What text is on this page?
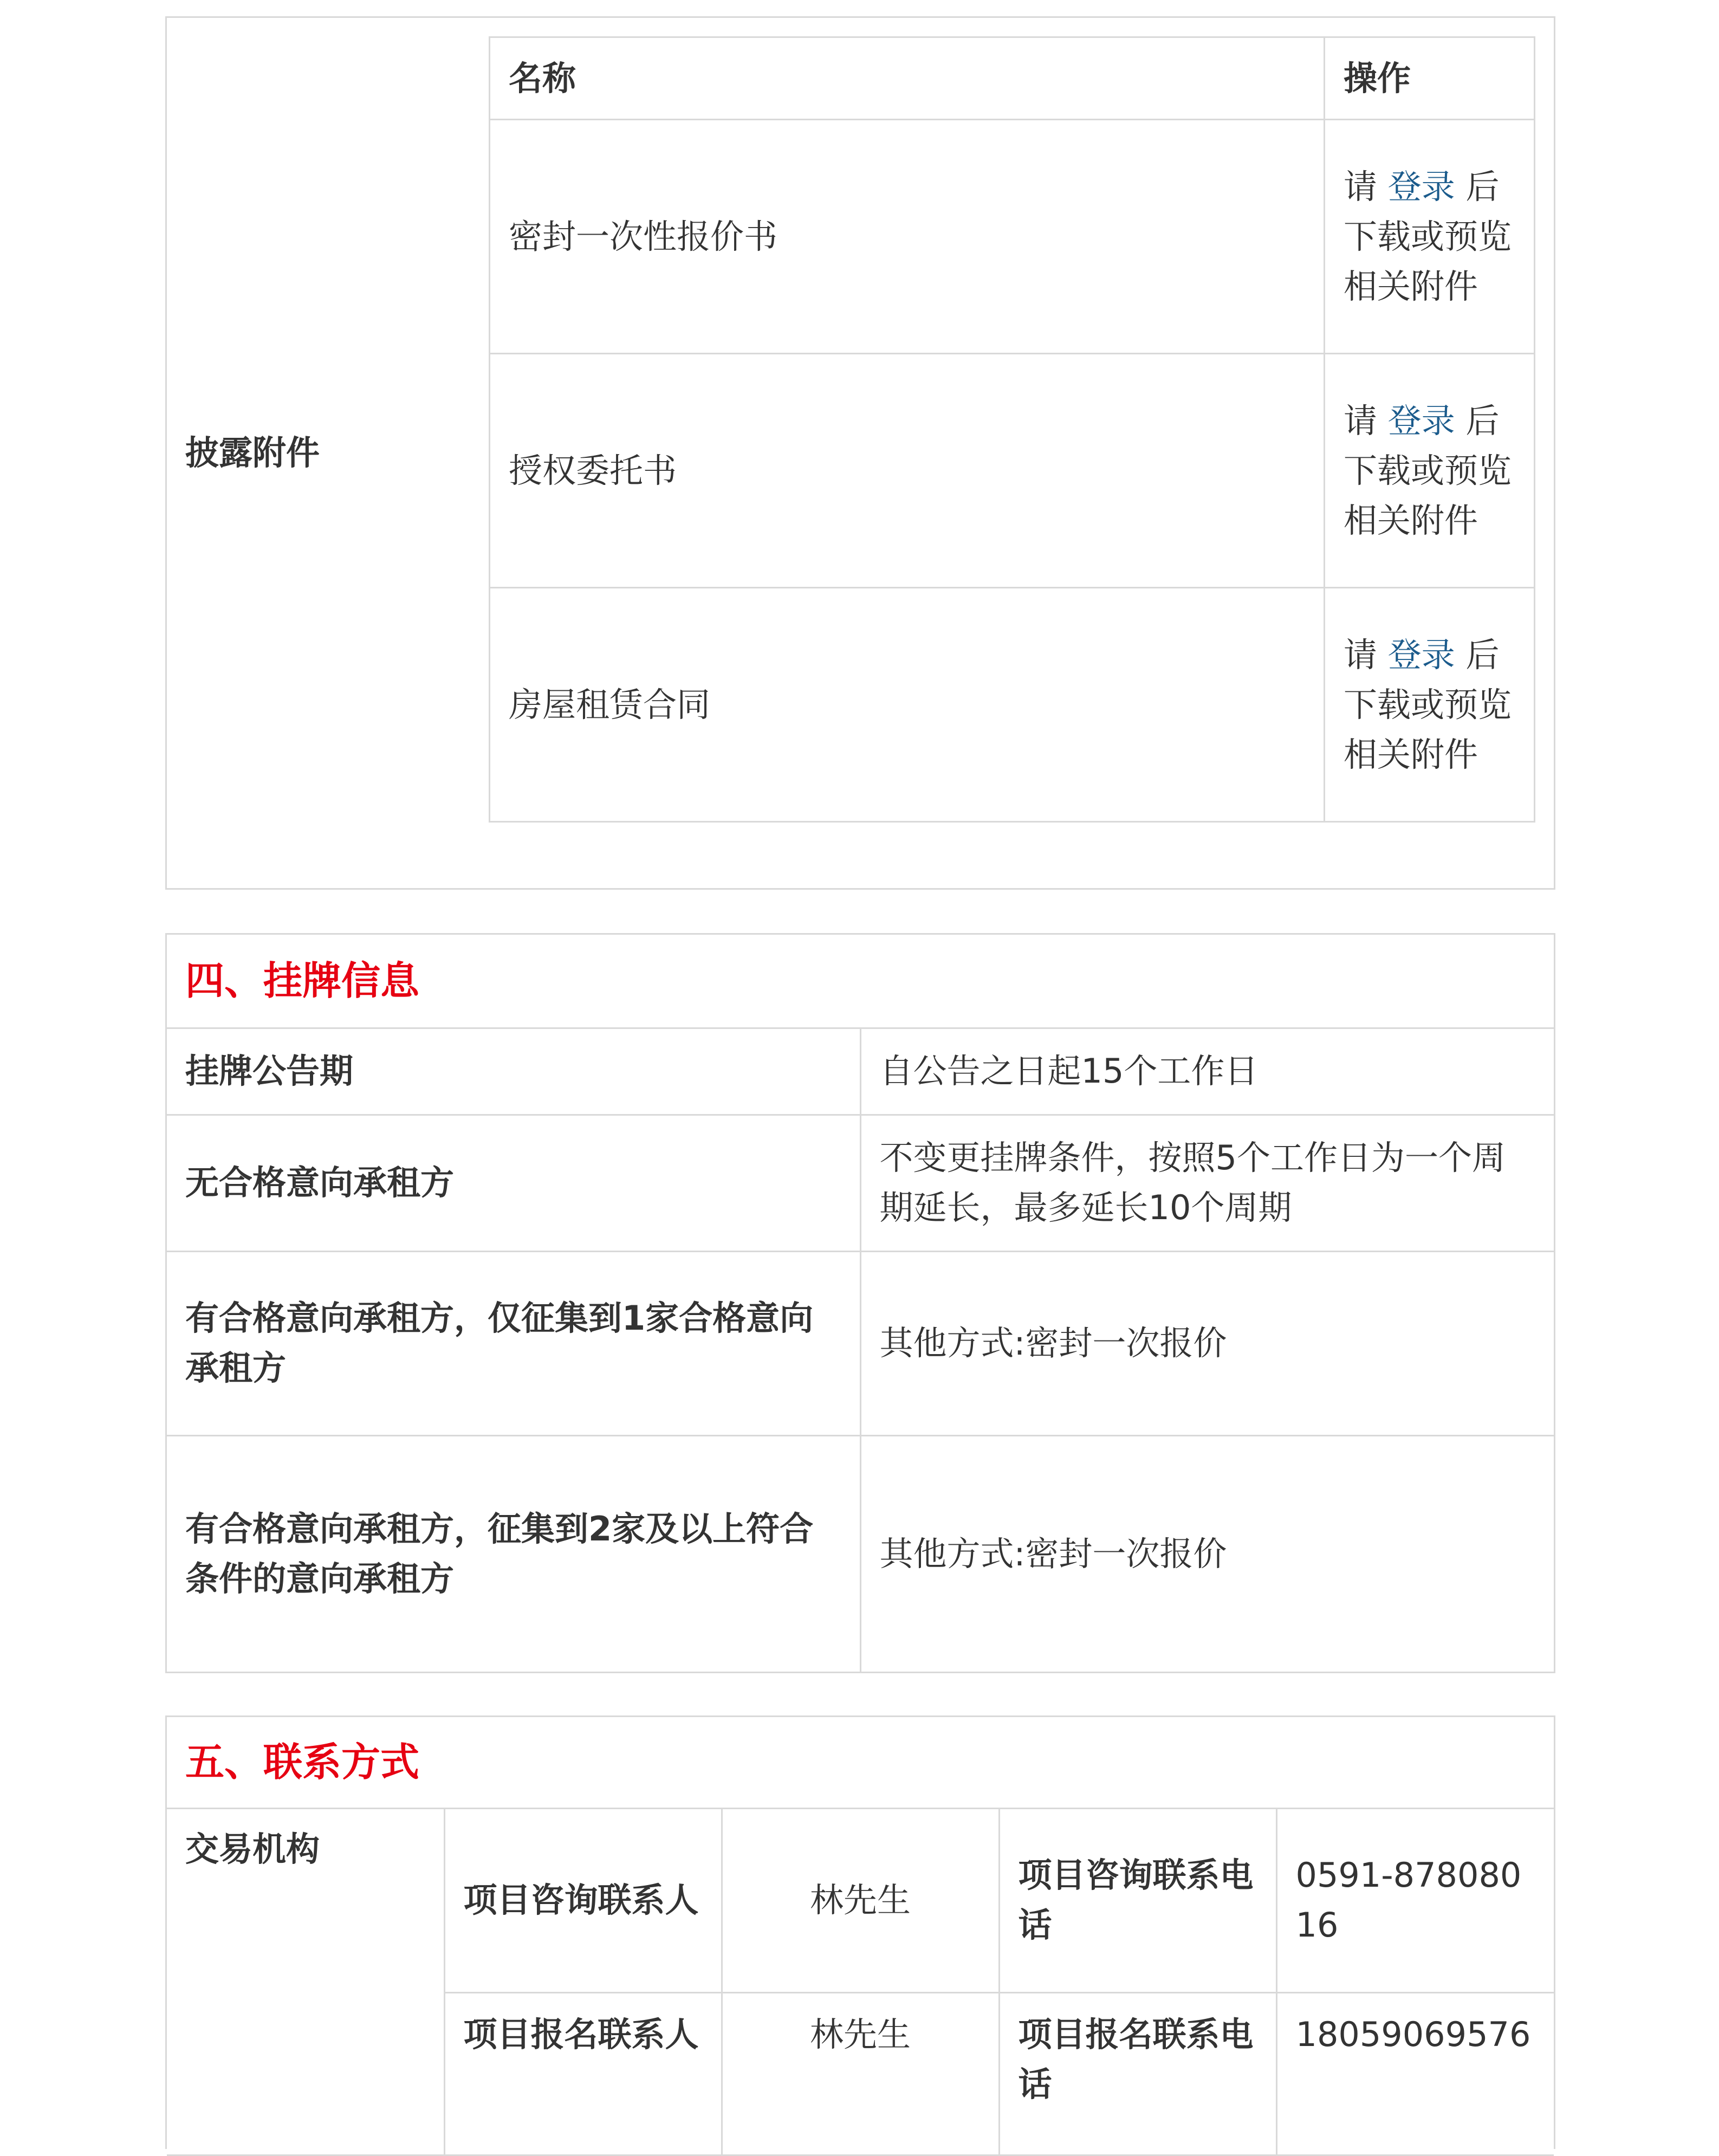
披露附件	
名称	操作
密封一次性报价书	请 登录 后下载或预览相关附件
授权委托书	请 登录 后下载或预览相关附件
房屋租赁合同	请 登录 后下载或预览相关附件
四、挂牌信息	
挂牌公告期	自公告之日起15个工作日
无合格意向承租方	不变更挂牌条件，按照5个工作日为一个周期延长，最多延长10个周期
有合格意向承租方，仅征集到1家合格意向承租方	其他方式:密封一次报价
有合格意向承租方，征集到2家及以上符合条件的意向承租方	其他方式:密封一次报价
五、联系方式				
交易机构	项目咨询联系人	林先生	项目咨询联系电话	0591-87808016
	项目报名联系人	林先生	项目报名联系电话	18059069576
